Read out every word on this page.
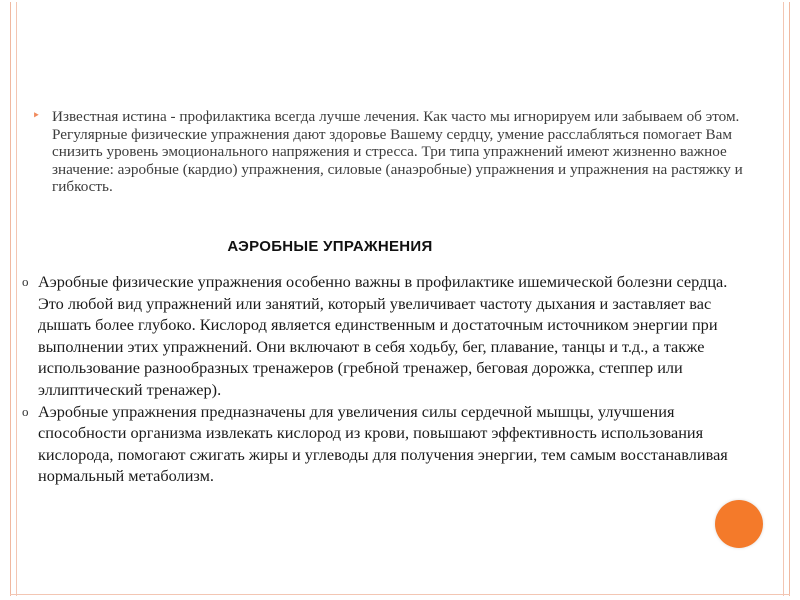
‣ Известная истина - профилактика всегда лучше лечения. Как часто мы игнорируем или забываем об этом. Регулярные физические упражнения дают здоровье Вашему сердцу, умение расслабляться помогает Вам снизить уровень эмоционального напряжения и стресса. Три типа упражнений имеют жизненно важное значение: аэробные (кардио) упражнения, силовые (анаэробные) упражнения и упражнения на растяжку и гибкость.
АЭРОБНЫЕ УПРАЖНЕНИЯ
o Аэробные физические упражнения особенно важны в профилактике ишемической болезни сердца. Это любой вид упражнений или занятий, который увеличивает частоту дыхания и заставляет вас дышать более глубоко. Кислород является единственным и достаточным источником энергии при выполнении этих упражнений. Они включают в себя ходьбу, бег, плавание, танцы и т.д., а также использование разнообразных тренажеров (гребной тренажер, беговая дорожка, степпер или эллиптический тренажер).
o Аэробные упражнения предназначены для увеличения силы сердечной мышцы, улучшения способности организма извлекать кислород из крови, повышают эффективность использования кислорода, помогают сжигать жиры и углеводы для получения энергии, тем самым восстанавливая нормальный метаболизм.
